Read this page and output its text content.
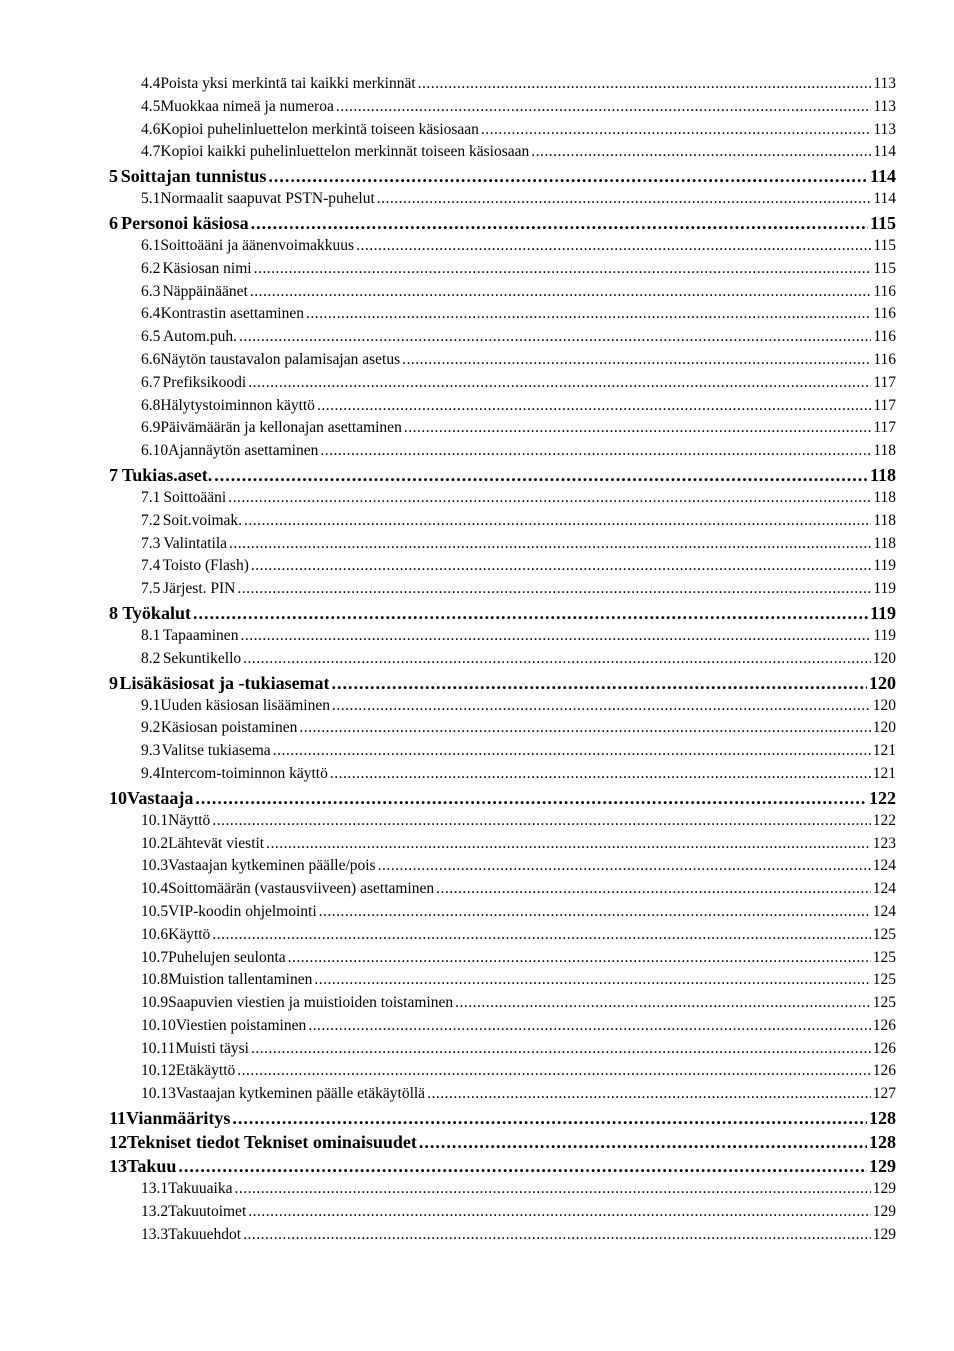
4.4 Poista yksi merkintä tai kaikki merkinnät .....	113
4.5 Muokkaa nimeä ja numeroa .....	113
4.6 Kopioi puhelinluettelon merkintä toiseen käsiosaan .....	113
4.7 Kopioi kaikki puhelinluettelon merkinnät toiseen käsiosaan .....	114
5 Soittajan tunnistus .....	114
5.1 Normaalit saapuvat PSTN-puhelut .....	114
6 Personoi käsiosa .....	115
6.1 Soittoääni ja äänenvoimakkuus .....	115
6.2 Käsiosan nimi .....	115
6.3 Näppäinäänet .....	116
6.4 Kontrastin asettaminen .....	116
6.5 Autom.puh. .....	116
6.6 Näytön taustavalon palamisajan asetus .....	116
6.7 Prefiksikoodi .....	117
6.8 Hälytystoiminnon käyttö .....	117
6.9 Päivämäärän ja kellonajan asettaminen .....	117
6.10 Ajannäytön asettaminen .....	118
7 Tukias.aset. .....	118
7.1 Soittoääni .....	118
7.2 Soit.voimak. .....	118
7.3 Valintatila .....	118
7.4 Toisto (Flash) .....	119
7.5 Järjest. PIN .....	119
8 Työkalut .....	119
8.1 Tapaaminen .....	119
8.2 Sekuntikello .....	120
9 Lisäkäsiosat ja -tukiasemat .....	120
9.1 Uuden käsiosan lisääminen .....	120
9.2 Käsiosan poistaminen .....	120
9.3 Valitse tukiasema .....	121
9.4 Intercom-toiminnon käyttö .....	121
10 Vastaaja .....	122
10.1 Näyttö .....	122
10.2 Lähtevät viestit .....	123
10.3 Vastaajan kytkeminen päälle/pois .....	124
10.4 Soittomäärän (vastausviiveen) asettaminen .....	124
10.5 VIP-koodin ohjelmointi .....	124
10.6 Käyttö .....	125
10.7 Puhelujen seulonta .....	125
10.8 Muistion tallentaminen .....	125
10.9 Saapuvien viestien ja muistioiden toistaminen .....	125
10.10 Viestien poistaminen .....	126
10.11 Muisti täysi .....	126
10.12 Etäkäyttö .....	126
10.13 Vastaajan kytkeminen päälle etäkäytöllä .....	127
11 Vianmääritys .....	128
12 Tekniset tiedot Tekniset ominaisuudet .....	128
13 Takuu .....	129
13.1 Takuuaika .....	129
13.2 Takuutoimet .....	129
13.3 Takuuehdot .....	129
